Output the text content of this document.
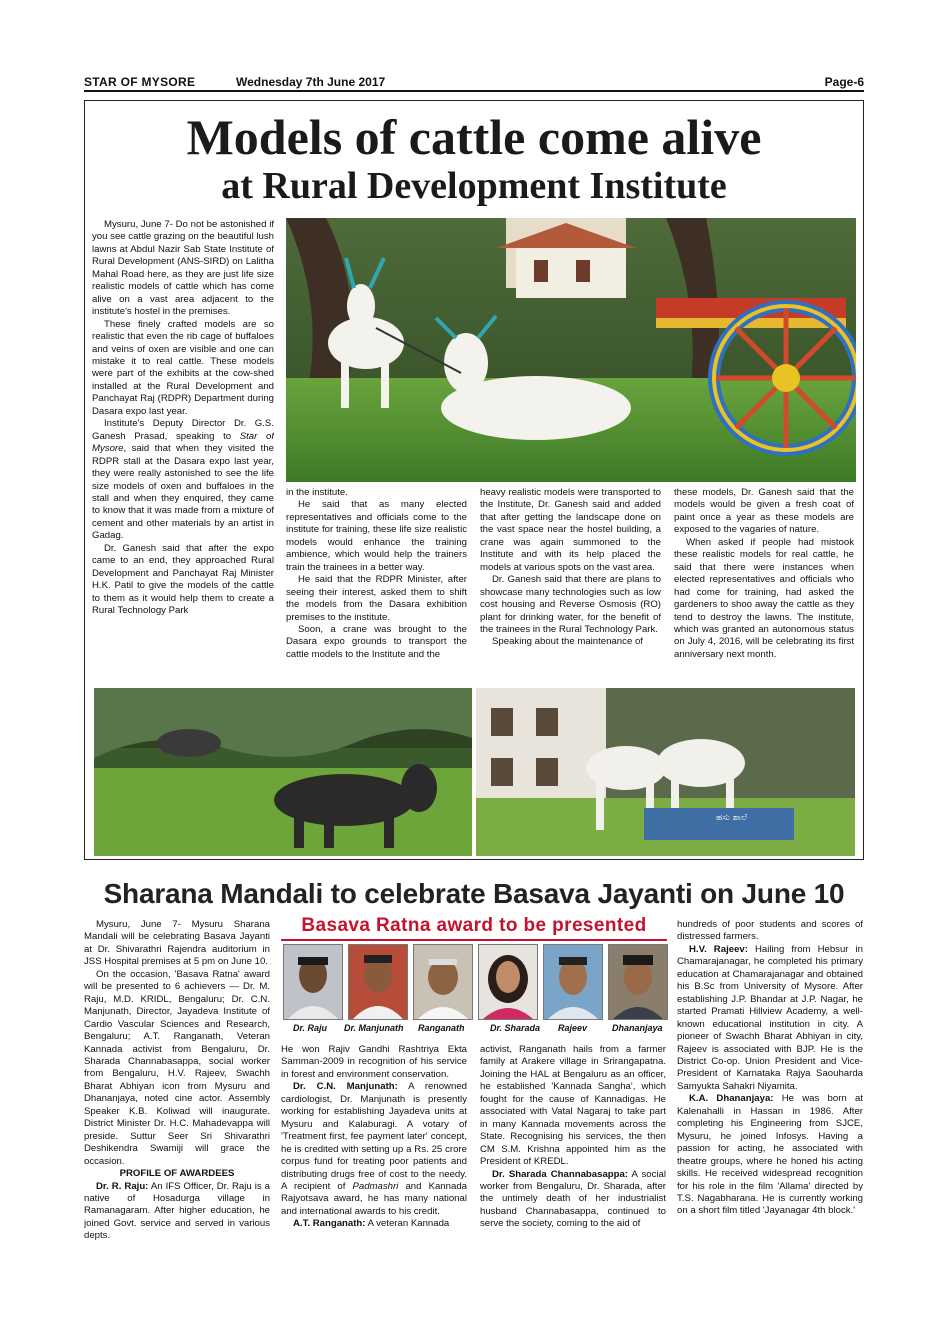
STAR OF MYSORE	Wednesday 7th June 2017	Page-6
Models of cattle come alive
at Rural Development Institute

Mysuru, June 7- Do not be astonished if you see cattle grazing on the beautiful lush lawns at Abdul Nazir Sab State Institute of Rural Development (ANS-SIRD) on Lalitha Mahal Road here, as they are just life size realistic models of cattle which has come alive on a vast area adjacent to the institute's hostel in the premises.

These finely crafted models are so realistic that even the rib cage of buffaloes and veins of oxen are visible and one can mistake it to real cattle. These models were part of the exhibits at the cow-shed installed at the Rural Development and Panchayat Raj (RDPR) Department during Dasara expo last year.

Institute's Deputy Director Dr. G.S. Ganesh Prasad, speaking to Star of Mysore, said that when they visited the RDPR stall at the Dasara expo last year, they were really astonished to see the life size models of oxen and buffaloes in the stall and when they enquired, they came to know that it was made from a mixture of cement and other materials by an artist in Gadag.

Dr. Ganesh said that after the expo came to an end, they approached Rural Development and Panchayat Raj Minister H.K. Patil to give the models of the cattle to them as it would help them to create a Rural Technology Park

in the institute.

He said that as many elected representatives and officials come to the institute for training, these life size realistic models would enhance the training ambience, which would help the trainers train the trainees in a better way.

He said that the RDPR Minister, after seeing their interest, asked them to shift the models from the Dasara exhibition premises to the institute.

Soon, a crane was brought to the Dasara expo grounds to transport the cattle models to the Institute and the

heavy realistic models were transported to the Institute, Dr. Ganesh said and added that after getting the landscape done on the vast space near the hostel building, a crane was again summoned to the Institute and with its help placed the models at various spots on the vast area.

Dr. Ganesh said that there are plans to showcase many technologies such as low cost housing and Reverse Osmosis (RO) plant for drinking water, for the benefit of the trainees in the Rural Technology Park.

Speaking about the maintenance of

these models, Dr. Ganesh said that the models would be given a fresh coat of paint once a year as these models are exposed to the vagaries of nature.

When asked if people had mistook these realistic models for real cattle, he said that there were instances when elected representatives and officials who had come for training, had asked the gardeners to shoo away the cattle as they tend to destroy the lawns. The institute, which was granted an autonomous status on July 4, 2016, will be celebrating its first anniversary next month.

ಹಸು ಶಾಲೆ
Sharana Mandali to celebrate Basava Jayanti on June 10

Mysuru, June 7- Mysuru Sharana Mandali will be celebrating Basava Jayanti at Dr. Shivarathri Rajendra auditorium in JSS Hospital premises at 5 pm on June 10.

On the occasion, 'Basava Ratna' award will be presented to 6 achievers — Dr. M. Raju, M.D. KRIDL, Bengaluru; Dr. C.N. Manjunath, Director, Jayadeva Institute of Cardio Vascular Sciences and Research, Bengaluru; A.T. Ranganath, Veteran Kannada activist from Bengaluru, Dr. Sharada Channabasappa, social worker from Bengaluru, H.V. Rajeev, Swachh Bharat Abhiyan icon from Mysuru and Dhananjaya, noted cine actor. Assembly Speaker K.B. Koliwad will inaugurate. District Minister Dr. H.C. Mahadevappa will preside. Suttur Seer Sri Shivarathri Deshikendra Swamiji will grace the occasion.

PROFILE OF AWARDEES

Dr. R. Raju: An IFS Officer, Dr. Raju is a native of Hosadurga village in Ramanagaram. After higher education, he joined Govt. service and served in various depts.

Basava Ratna award to be presented
Dr. Raju Dr. Manjunath Ranganath	Dr. Sharada Rajeev	Dhananjaya

He won Rajiv Gandhi Rashtriya Ekta Samman-2009 in recognition of his service in forest and environment conservation.

Dr. C.N. Manjunath: A renowned cardiologist, Dr. Manjunath is presently working for establishing Jayadeva units at Mysuru and Kalaburagi. A votary of 'Treatment first, fee payment later' concept, he is credited with setting up a Rs. 25 crore corpus fund for treating poor patients and distributing drugs free of cost to the needy. A recipient of Padmashri and Kannada Rajyotsava award, he has many national and international awards to his credit.

A.T. Ranganath: A veteran Kannada

activist, Ranganath hails from a farmer family at Arakere village in Srirangapatna. Joining the HAL at Bengaluru as an officer, he established 'Kannada Sangha', which fought for the cause of Kannadigas. He associated with Vatal Nagaraj to take part in many Kannada movements across the State. Recognising his services, the then CM S.M. Krishna appointed him as the President of KREDL.

Dr. Sharada Channabasappa: A social worker from Bengaluru, Dr. Sharada, after the untimely death of her industrialist husband Channabasappa, continued to serve the society, coming to the aid of

hundreds of poor students and scores of distressed farmers.

H.V. Rajeev: Hailing from Hebsur in Chamarajanagar, he completed his primary education at Chamarajanagar and obtained his B.Sc from University of Mysore. After establishing J.P. Bhandar at J.P. Nagar, he started Pramati Hillview Academy, a well-known educational institution in city. A pioneer of Swachh Bharat Abhiyan in city, Rajeev is associated with BJP. He is the District Co-op. Union President and Vice-President of Karnataka Rajya Saouharda Samyukta Sahakri Niyamita.

K.A. Dhananjaya: He was born at Kalenahalli in Hassan in 1986. After completing his Engineering from SJCE, Mysuru, he joined Infosys. Having a passion for acting, he associated with theatre groups, where he honed his acting skills. He received widespread recognition for his role in the film 'Allama' directed by T.S. Nagabharana. He is currently working on a short film titled 'Jayanagar 4th block.'
